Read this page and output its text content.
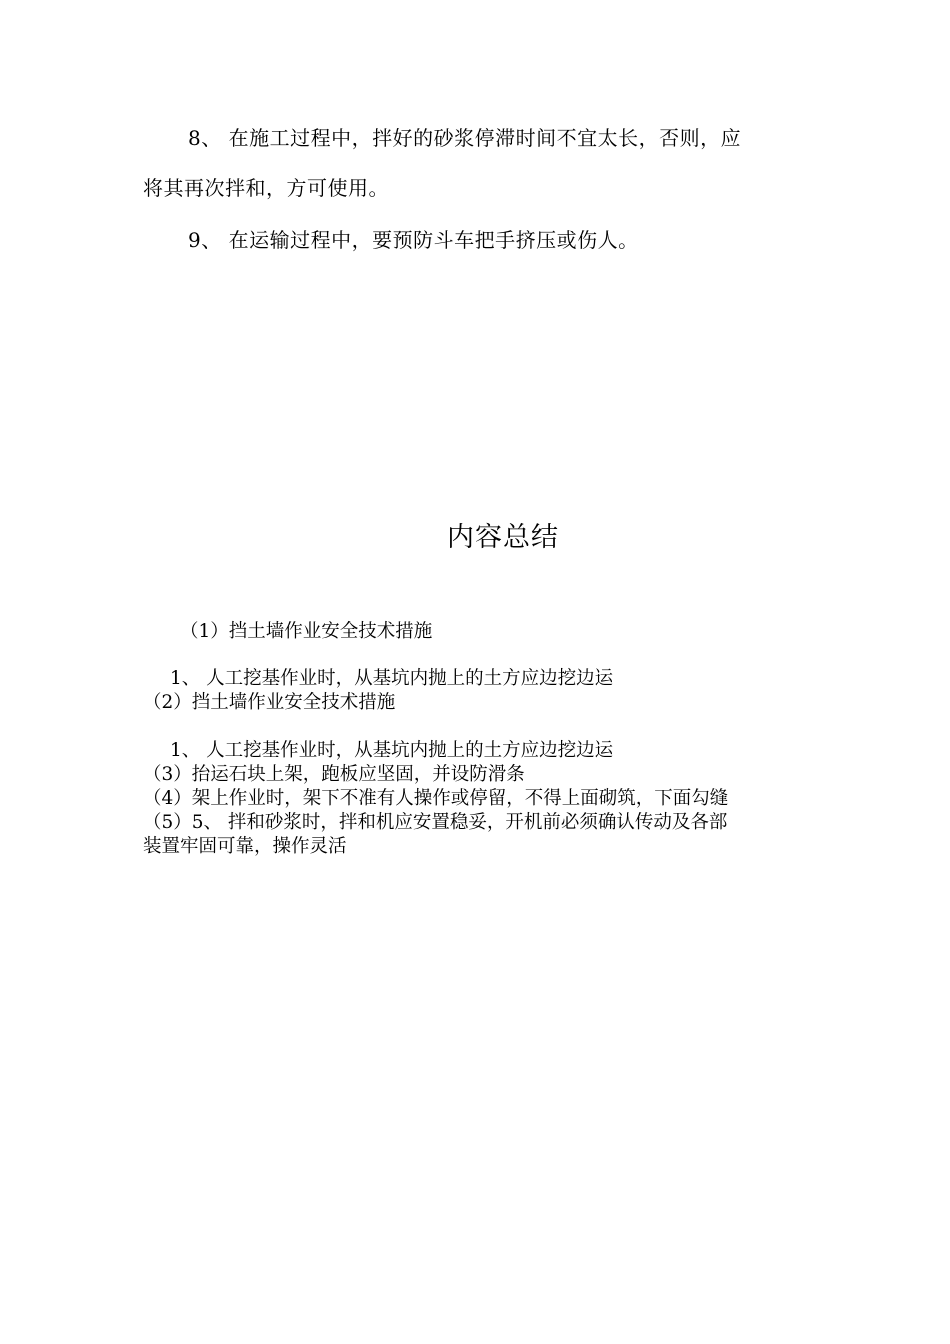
8、 在施工过程中，拌好的砂浆停滞时间不宜太长，否则，应
将其再次拌和，方可使用。
9、 在运输过程中，要预防斗车把手挤压或伤人。
内容总结
（1）挡土墙作业安全技术措施
1、 人工挖基作业时，从基坑内抛上的土方应边挖边运
（2）挡土墙作业安全技术措施
1、 人工挖基作业时，从基坑内抛上的土方应边挖边运
（3）抬运石块上架，跑板应坚固，并设防滑条
（4）架上作业时，架下不准有人操作或停留，不得上面砌筑，下面勾缝
（5）5、 拌和砂浆时，拌和机应安置稳妥，开机前必须确认传动及各部
装置牢固可靠，操作灵活
